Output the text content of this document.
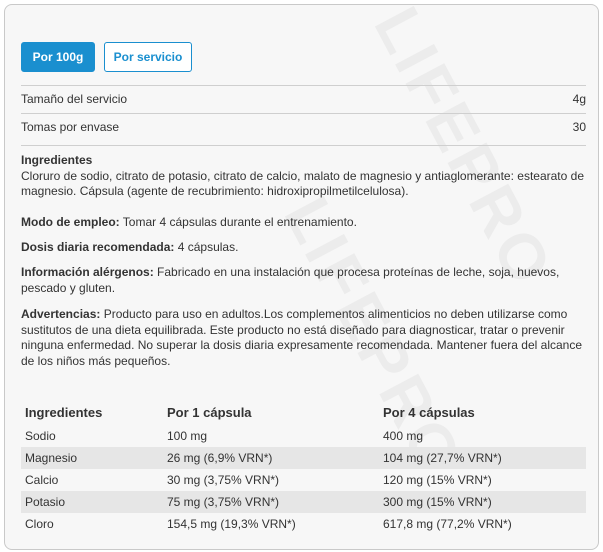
Por 100g	Por servicio
Tamaño del servicio	4g
Tomas por envase	30
Ingredientes
Cloruro de sodio, citrato de potasio, citrato de calcio, malato de magnesio y antiaglomerante: estearato de magnesio. Cápsula (agente de recubrimiento: hidroxipropilmetilcelulosa).
Modo de empleo: Tomar 4 cápsulas durante el entrenamiento.
Dosis diaria recomendada: 4 cápsulas.
Información alérgenos: Fabricado en una instalación que procesa proteínas de leche, soja, huevos, pescado y gluten.
Advertencias: Producto para uso en adultos.Los complementos alimenticios no deben utilizarse como sustitutos de una dieta equilibrada. Este producto no está diseñado para diagnosticar, tratar o prevenir ninguna enfermedad. No superar la dosis diaria expresamente recomendada. Mantener fuera del alcance de los niños más pequeños.
Ingredientes	Por 1 cápsula	Por 4 cápsulas
Sodio	100 mg	400 mg
Magnesio	26 mg (6,9% VRN*)	104 mg (27,7% VRN*)
Calcio	30 mg (3,75% VRN*)	120 mg (15% VRN*)
Potasio	75 mg (3,75% VRN*)	300 mg (15% VRN*)
Cloro	154,5 mg (19,3% VRN*)	617,8 mg (77,2% VRN*)
